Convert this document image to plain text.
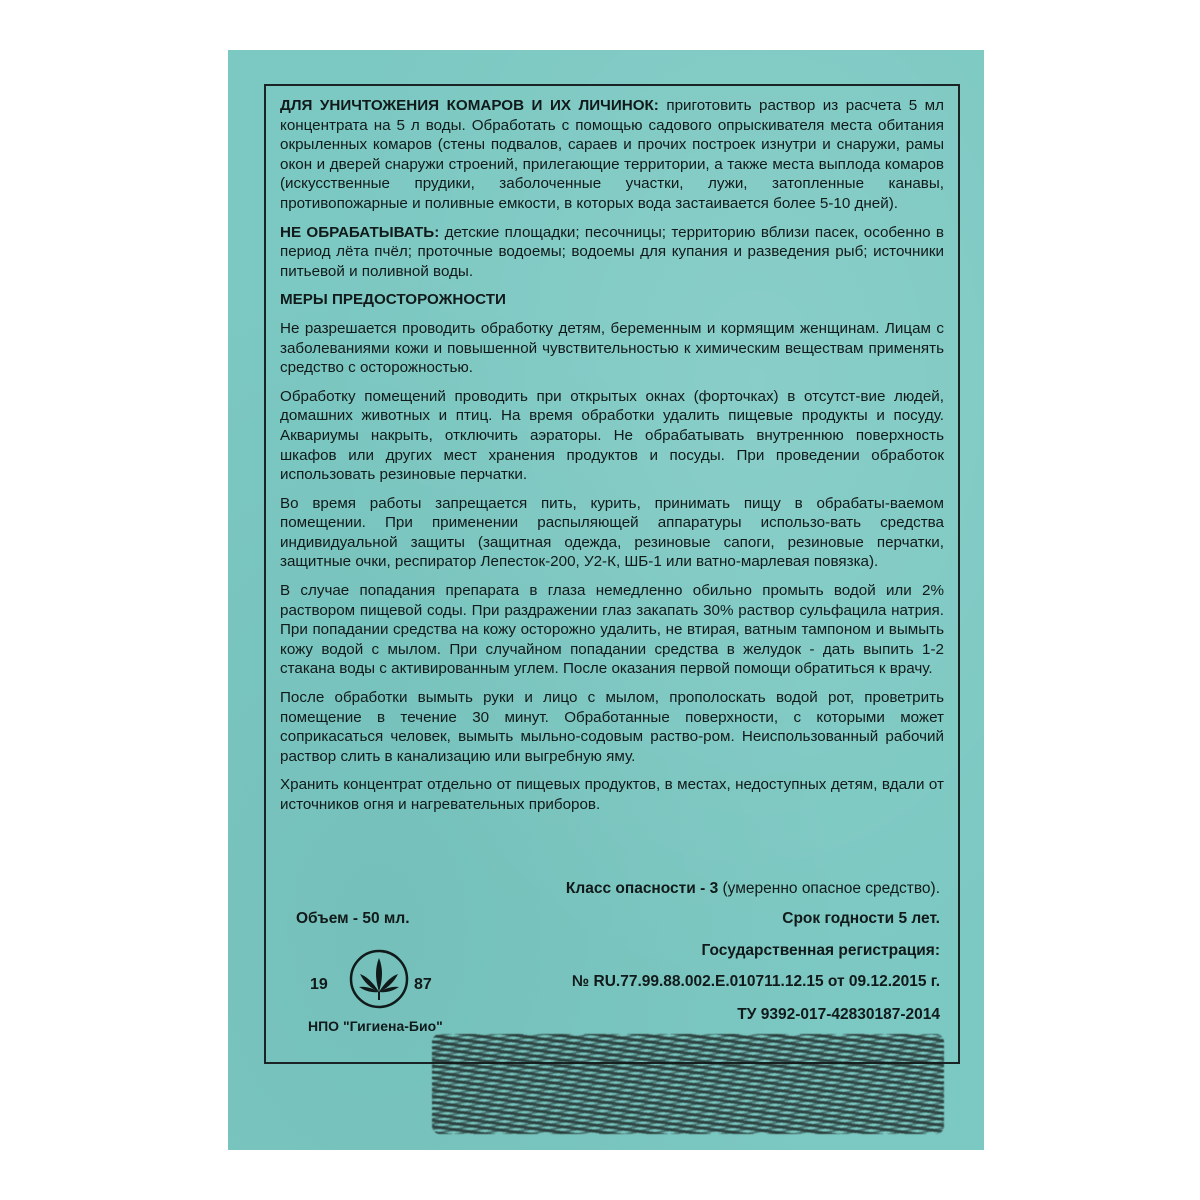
ДЛЯ УНИЧТОЖЕНИЯ КОМАРОВ И ИХ ЛИЧИНОК: приготовить раствор из расчета 5 мл концентрата на 5 л воды. Обработать с помощью садового опрыскивателя места обитания окрыленных комаров (стены подвалов, сараев и прочих построек изнутри и снаружи, рамы окон и дверей снаружи строений, прилегающие территории, а также места выплода комаров (искусственные прудики, заболоченные участки, лужи, затопленные канавы, противопожарные и поливные емкости, в которых вода застаивается более 5-10 дней).

НЕ ОБРАБАТЫВАТЬ: детские площадки; песочницы; территорию вблизи пасек, особенно в период лёта пчёл; проточные водоемы; водоемы для купания и разведения рыб; источники питьевой и поливной воды.

МЕРЫ ПРЕДОСТОРОЖНОСТИ

Не разрешается проводить обработку детям, беременным и кормящим женщинам. Лицам с заболеваниями кожи и повышенной чувствительностью к химическим веществам применять средство с осторожностью.

Обработку помещений проводить при открытых окнах (форточках) в отсутст-вие людей, домашних животных и птиц. На время обработки удалить пищевые продукты и посуду. Аквариумы накрыть, отключить аэраторы. Не обрабатывать внутреннюю поверхность шкафов или других мест хранения продуктов и посуды. При проведении обработок использовать резиновые перчатки.

Во время работы запрещается пить, курить, принимать пищу в обрабаты-ваемом помещении. При применении распыляющей аппаратуры использо-вать средства индивидуальной защиты (защитная одежда, резиновые сапоги, резиновые перчатки, защитные очки, респиратор Лепесток-200, У2-К, ШБ-1 или ватно-марлевая повязка).

В случае попадания препарата в глаза немедленно обильно промыть водой или 2% раствором пищевой соды. При раздражении глаз закапать 30% раствор сульфацила натрия. При попадании средства на кожу осторожно удалить, не втирая, ватным тампоном и вымыть кожу водой с мылом. При случайном попадании средства в желудок - дать выпить 1-2 стакана воды с активированным углем. После оказания первой помощи обратиться к врачу.

После обработки вымыть руки и лицо с мылом, прополоскать водой рот, проветрить помещение в течение 30 минут. Обработанные поверхности, с которыми может соприкасаться человек, вымыть мыльно-содовым раство-ром. Неиспользованный рабочий раствор слить в канализацию или выгребную яму.

Хранить концентрат отдельно от пищевых продуктов, в местах, недоступных детям, вдали от источников огня и нагревательных приборов.

Класс опасности - 3 (умеренно опасное средство).
Объем - 50 мл.	Срок годности 5 лет.
Государственная регистрация:
№ RU.77.99.88.002.Е.010711.12.15 от 09.12.2015 г.
ТУ 9392-017-42830187-2014
19	87
НПО "Гигиена-Био"
